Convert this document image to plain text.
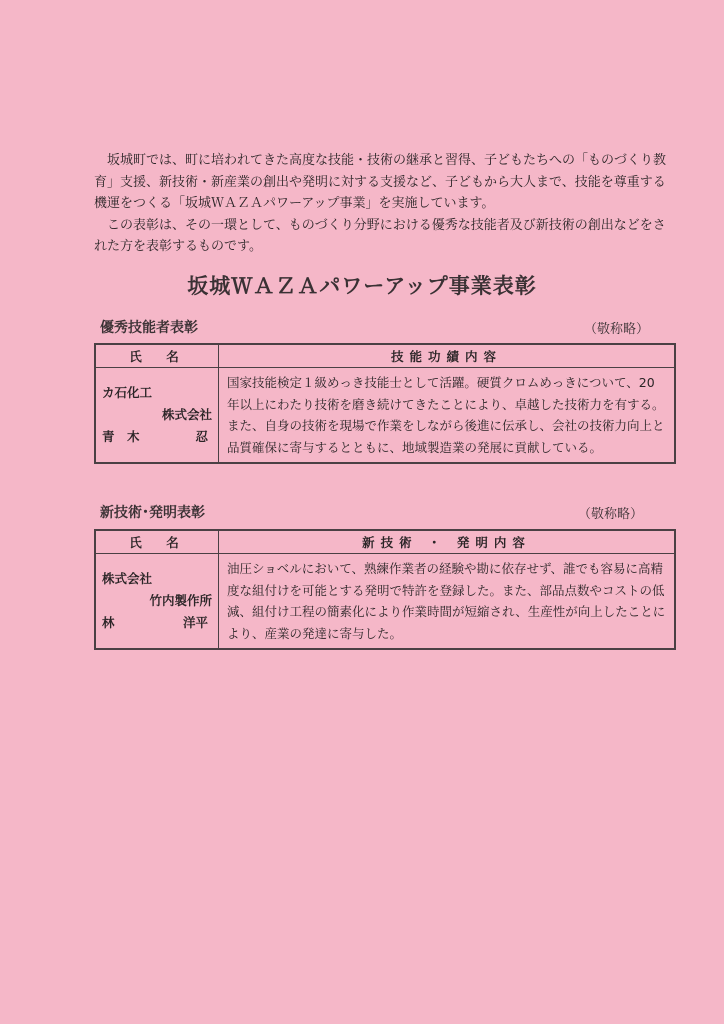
坂城町では、町に培われてきた高度な技能・技術の継承と習得、子どもたちへの「ものづくり教育」支援、新技術・新産業の創出や発明に対する支援など、子どもから大人まで、技能を尊重する機運をつくる「坂城ＷＡＺＡパワーアップ事業」を実施しています。

この表彰は、その一環として、ものづくり分野における優秀な技能者及び新技術の創出などをされた方を表彰するものです。

坂城ＷＡＺＡパワーアップ事業表彰
優秀技能者表彰	（敬称略）
氏　名	技能功績内容

カ石化工
株式会社
青　木 忍	国家技能検定１級めっき技能士として活躍。硬質クロムめっきについて、20年以上にわたり技術を磨き続けてきたことにより、卓越した技術力を有する。また、自身の技術を現場で作業をしながら後進に伝承し、会社の技術力向上と品質確保に寄与するとともに、地域製造業の発展に貢献している。
新技術･発明表彰	（敬称略）
氏　名	新技術 ・ 発明内容

株式会社
竹内製作所
林 洋平	油圧ショベルにおいて、熟練作業者の経験や勘に依存せず、誰でも容易に高精度な組付けを可能とする発明で特許を登録した。また、部品点数やコストの低減、組付け工程の簡素化により作業時間が短縮され、生産性が向上したことにより、産業の発達に寄与した。
